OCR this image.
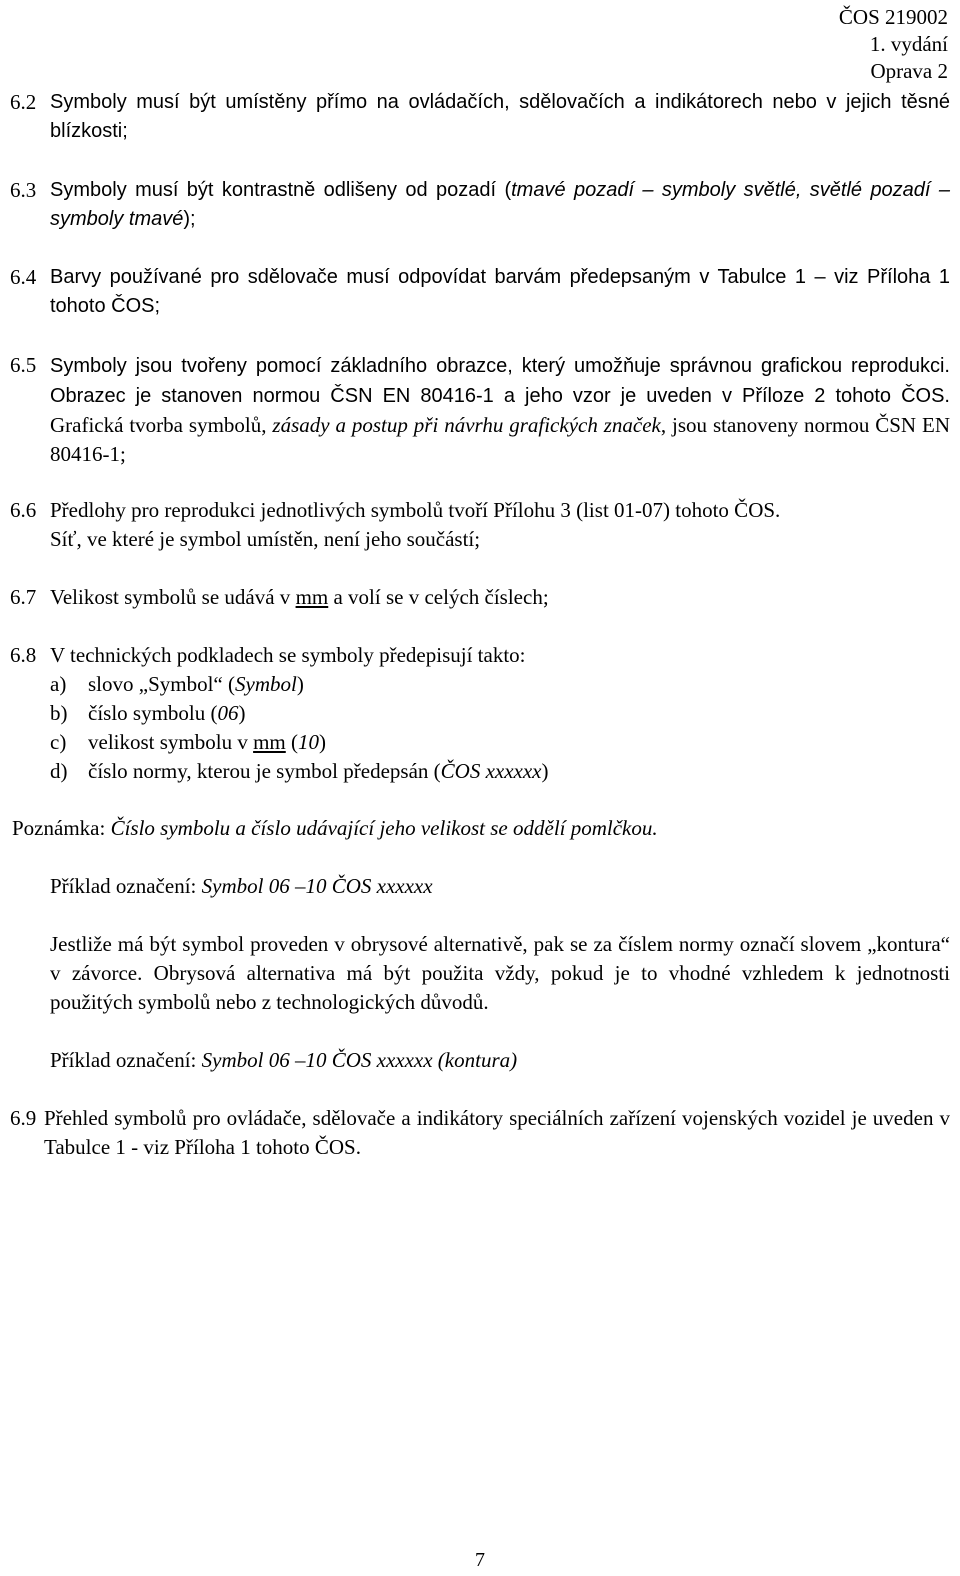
ČOS 219002
1. vydání
Oprava 2
6.2 Symboly musí být umístěny přímo na ovládačích, sdělovačích a indikátorech nebo v jejich těsné blízkosti;
6.3 Symboly musí být kontrastně odlišeny od pozadí (tmavé pozadí – symboly světlé, světlé pozadí – symboly tmavé);
6.4 Barvy používané pro sdělovače musí odpovídat barvám předepsaným v Tabulce 1 – viz Příloha 1 tohoto ČOS;
6.5 Symboly jsou tvořeny pomocí základního obrazce, který umožňuje správnou grafickou reprodukci. Obrazec je stanoven normou ČSN EN 80416-1 a jeho vzor je uveden v Příloze 2 tohoto ČOS. Grafická tvorba symbolů, zásady a postup při návrhu grafických značek, jsou stanoveny normou ČSN EN 80416-1;
6.6 Předlohy pro reprodukci jednotlivých symbolů tvoří Přílohu 3 (list 01-07) tohoto ČOS.
Síť, ve které je symbol umístěn, není jeho součástí;
6.7 Velikost symbolů se udává v mm a volí se v celých číslech;
6.8 V technických podkladech se symboly předepisují takto:
a)	slovo „Symbol“ (Symbol)
b) číslo symbolu (06)
c)	velikost symbolu v mm (10)
d) číslo normy, kterou je symbol předepsán (ČOS xxxxxx)
Poznámka: Číslo symbolu a číslo udávající jeho velikost se oddělí pomlčkou.
Příklad označení: Symbol 06 –10 ČOS xxxxxx
Jestliže má být symbol proveden v obrysové alternativě, pak se za číslem normy označí slovem „kontura“ v závorce. Obrysová alternativa má být použita vždy, pokud je to vhodné vzhledem k jednotnosti použitých symbolů nebo z technologických důvodů.
Příklad označení: Symbol 06 –10 ČOS xxxxxx (kontura)
6.9 Přehled symbolů pro ovládače, sdělovače a indikátory speciálních zařízení vojenských vozidel je uveden v Tabulce 1 - viz Příloha 1 tohoto ČOS.
7
